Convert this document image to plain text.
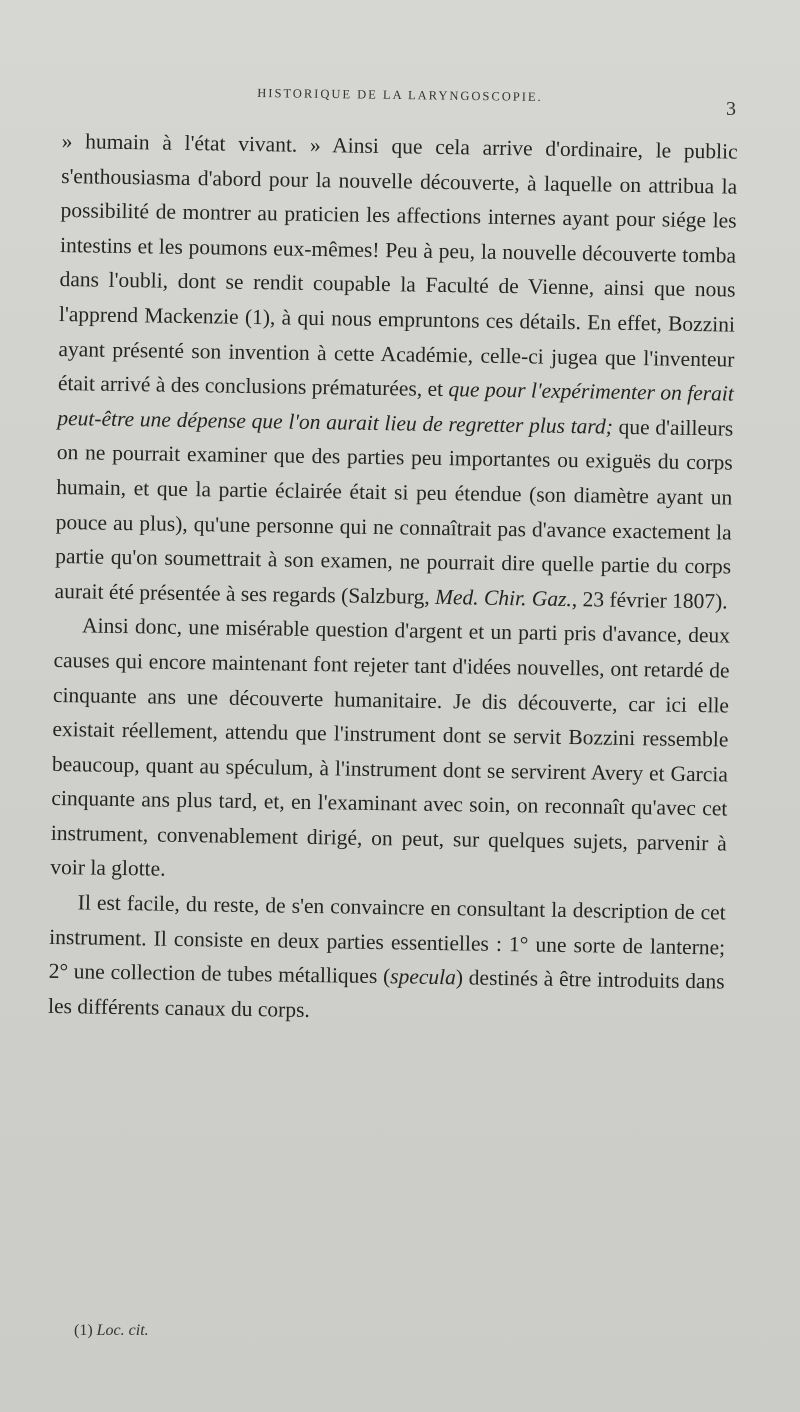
HISTORIQUE DE LA LARYNGOSCOPIE.
3

» humain à l'état vivant. » Ainsi que cela arrive d'ordinaire, le public s'enthousiasma d'abord pour la nouvelle découverte, à laquelle on attribua la possibilité de montrer au praticien les affections internes ayant pour siége les intestins et les poumons eux-mêmes! Peu à peu, la nouvelle découverte tomba dans l'oubli, dont se rendit coupable la Faculté de Vienne, ainsi que nous l'apprend Mackenzie (1), à qui nous empruntons ces détails. En effet, Bozzini ayant présenté son invention à cette Académie, celle-ci jugea que l'inventeur était arrivé à des conclusions prématurées, et que pour l'expérimenter on ferait peut-être une dépense que l'on aurait lieu de regretter plus tard; que d'ailleurs on ne pourrait examiner que des parties peu importantes ou exiguës du corps humain, et que la partie éclairée était si peu étendue (son diamètre ayant un pouce au plus), qu'une personne qui ne connaîtrait pas d'avance exactement la partie qu'on soumettrait à son examen, ne pourrait dire quelle partie du corps aurait été présentée à ses regards (Salzburg, Med. Chir. Gaz., 23 février 1807).

Ainsi donc, une misérable question d'argent et un parti pris d'avance, deux causes qui encore maintenant font rejeter tant d'idées nouvelles, ont retardé de cinquante ans une découverte humanitaire. Je dis découverte, car ici elle existait réellement, attendu que l'instrument dont se servit Bozzini ressemble beaucoup, quant au spéculum, à l'instrument dont se servirent Avery et Garcia cinquante ans plus tard, et, en l'examinant avec soin, on reconnaît qu'avec cet instrument, convenablement dirigé, on peut, sur quelques sujets, parvenir à voir la glotte.

Il est facile, du reste, de s'en convaincre en consultant la description de cet instrument. Il consiste en deux parties essentielles : 1° une sorte de lanterne; 2° une collection de tubes métalliques (specula) destinés à être introduits dans les différents canaux du corps.

(1) Loc. cit.
